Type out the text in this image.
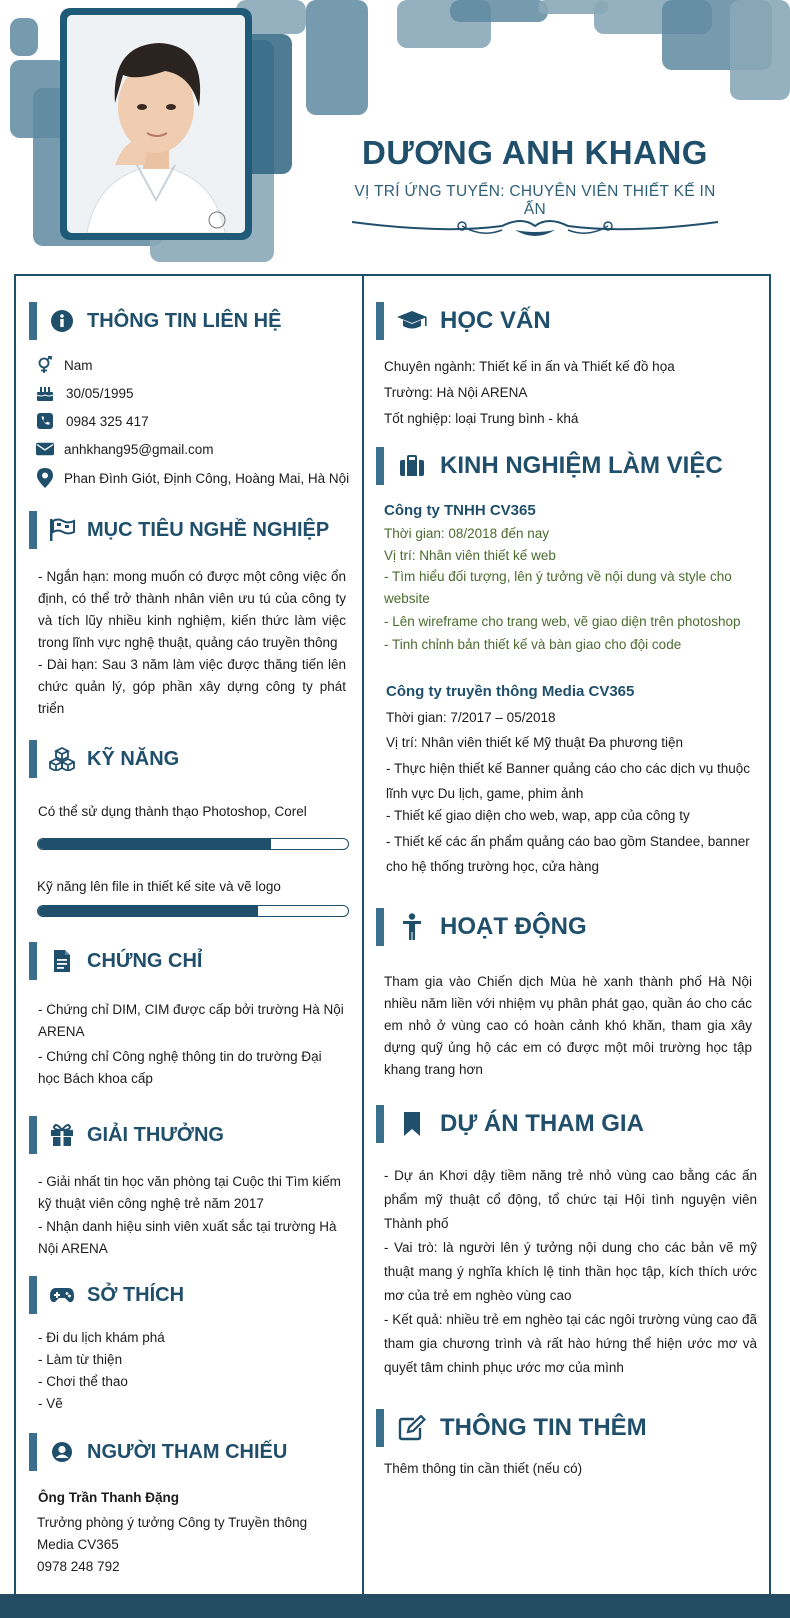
DƯƠNG ANH KHANG
VỊ TRÍ ỨNG TUYỂN: CHUYÊN VIÊN THIẾT KẾ IN ẤN
THÔNG TIN LIÊN HỆ
Nam
30/05/1995
0984 325 417
anhkhang95@gmail.com
Phan Đình Giót, Định Công, Hoàng Mai, Hà Nội
MỤC TIÊU NGHỀ NGHIỆP
- Ngắn hạn: mong muốn có được một công việc ổn định, có thể trở thành nhân viên ưu tú của công ty và tích lũy nhiều kinh nghiệm, kiến thức làm việc trong lĩnh vực nghệ thuật, quảng cáo truyền thông
- Dài hạn: Sau 3 năm làm việc được thăng tiến lên chức quản lý, góp phần xây dựng công ty phát triển
KỸ NĂNG
Có thể sử dụng thành thạo Photoshop, Corel
Kỹ năng lên file in thiết kế site và vẽ logo
CHỨNG CHỈ
- Chứng chỉ DIM, CIM được cấp bởi trường Hà Nội ARENA
- Chứng chỉ Công nghệ thông tin do trường Đại học Bách khoa cấp
GIẢI THƯỞNG
- Giải nhất tin học văn phòng tại Cuộc thi Tìm kiếm kỹ thuật viên công nghệ trẻ năm 2017
- Nhận danh hiệu sinh viên xuất sắc tại trường Hà Nội ARENA
SỞ THÍCH
- Đi du lịch khám phá
- Làm từ thiện
- Chơi thể thao
- Vẽ
NGƯỜI THAM CHIẾU
Ông Trần Thanh Đặng
Trưởng phòng ý tưởng Công ty Truyền thông Media CV365
0978 248 792
HỌC VẤN
Chuyên ngành: Thiết kế in ấn và Thiết kế đồ họa
Trường: Hà Nội ARENA
Tốt nghiệp: loại Trung bình - khá
KINH NGHIỆM LÀM VIỆC
Công ty TNHH CV365
Thời gian: 08/2018 đến nay
Vị trí: Nhân viên thiết kế web
- Tìm hiểu đối tượng, lên ý tưởng về nội dung và style cho website
- Lên wireframe cho trang web, vẽ giao diện trên photoshop
- Tinh chỉnh bản thiết kế và bàn giao cho đội code
Công ty truyền thông Media CV365
Thời gian: 7/2017 – 05/2018
Vị trí: Nhân viên thiết kế Mỹ thuật Đa phương tiện
- Thực hiện thiết kế Banner quảng cáo cho các dịch vụ thuộc lĩnh vực Du lịch, game, phim ảnh
- Thiết kế giao diện cho web, wap, app của công ty
- Thiết kế các ấn phẩm quảng cáo bao gồm Standee, banner cho hệ thống trường học, cửa hàng
HOẠT ĐỘNG
Tham gia vào Chiến dịch Mùa hè xanh thành phố Hà Nội nhiều năm liền với nhiệm vụ phân phát gạo, quần áo cho các em nhỏ ở vùng cao có hoàn cảnh khó khăn, tham gia xây dựng quỹ ủng hộ các em có được một môi trường học tập khang trang hơn
DỰ ÁN THAM GIA
- Dự án Khơi dậy tiềm năng trẻ nhỏ vùng cao bằng các ấn phẩm mỹ thuật cổ động, tổ chức tại Hội tình nguyện viên Thành phố
- Vai trò: là người lên ý tưởng nội dung cho các bản vẽ mỹ thuật mang ý nghĩa khích lệ tinh thần học tập, kích thích ước mơ của trẻ em nghèo vùng cao
- Kết quả: nhiều trẻ em nghèo tại các ngôi trường vùng cao đã tham gia chương trình và rất hào hứng thể hiện ước mơ và quyết tâm chinh phục ước mơ của mình
THÔNG TIN THÊM
Thêm thông tin cần thiết (nếu có)
